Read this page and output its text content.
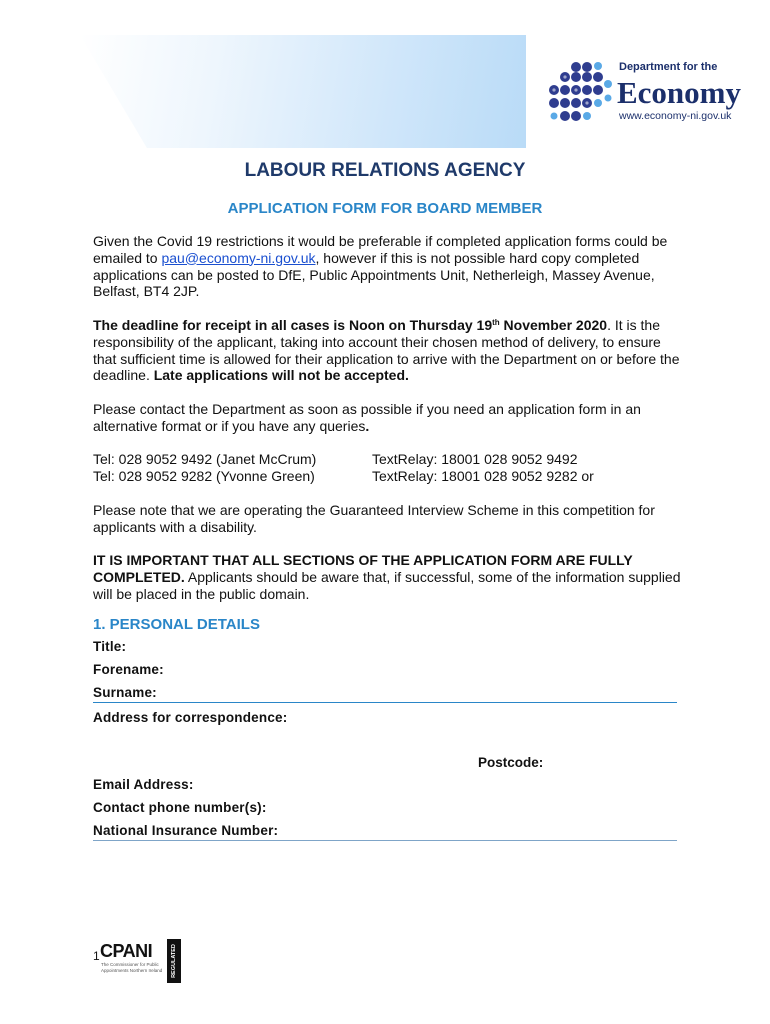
Department for the
Economy
www.economy-ni.gov.uk
LABOUR RELATIONS AGENCY
APPLICATION FORM FOR BOARD MEMBER

Given the Covid 19 restrictions it would be preferable if completed application forms could be emailed to pau@economy-ni.gov.uk, however if this is not possible hard copy completed applications can be posted to DfE, Public Appointments Unit, Netherleigh, Massey Avenue, Belfast, BT4 2JP.

The deadline for receipt in all cases is Noon on Thursday 19th November 2020. It is the responsibility of the applicant, taking into account their chosen method of delivery, to ensure that sufficient time is allowed for their application to arrive with the Department on or before the deadline. Late applications will not be accepted.

Please contact the Department as soon as possible if you need an application form in an alternative format or if you have any queries.

Tel: 028 9052 9492 (Janet McCrum)	TextRelay: 18001 028 9052 9492
Tel: 028 9052 9282 (Yvonne Green)	TextRelay: 18001 028 9052 9282 or

Please note that we are operating the Guaranteed Interview Scheme in this competition for applicants with a disability.

IT IS IMPORTANT THAT ALL SECTIONS OF THE APPLICATION FORM ARE FULLY COMPLETED. Applicants should be aware that, if successful, some of the information supplied will be placed in the public domain.

1. PERSONAL DETAILS
Title:
Forename:
Surname:
Address for correspondence:
Postcode:
Email Address:
Contact phone number(s):
National Insurance Number:
1 CPANI
The Commissioner for Public Appointments Northern Ireland	REGULATED
